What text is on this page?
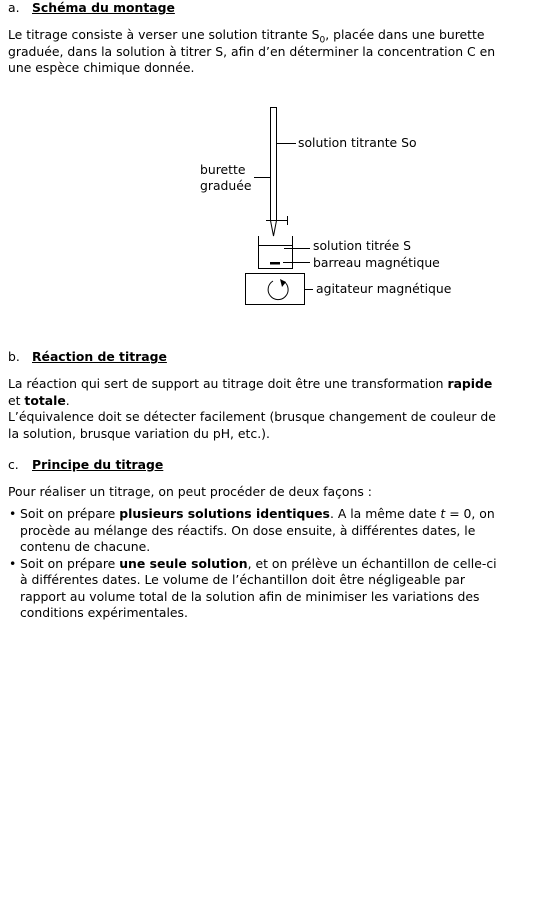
a. Schéma du montage
Le titrage consiste à verser une solution titrante $S_0$, placée dans une burette
graduée, dans la solution à titrer S, afin d’en déterminer la concentration C en
une espèce chimique donnée.
solution titrante So
burette
graduée
solution titrée S
barreau magnétique
agitateur magnétique
b. Réaction de titrage
La réaction qui sert de support au titrage doit être une transformation rapide
et totale.
L’équivalence doit se détecter facilement (brusque changement de couleur de
la solution, brusque variation du pH, etc.).
c. Principe du titrage
Pour réaliser un titrage, on peut procéder de deux façons :
• Soit on prépare plusieurs solutions identiques. A la même date t = 0, on
procède au mélange des réactifs. On dose ensuite, à différentes dates, le
contenu de chacune.
• Soit on prépare une seule solution, et on prélève un échantillon de celle-ci
à différentes dates. Le volume de l’échantillon doit être négligeable par
rapport au volume total de la solution afin de minimiser les variations des
conditions expérimentales.
